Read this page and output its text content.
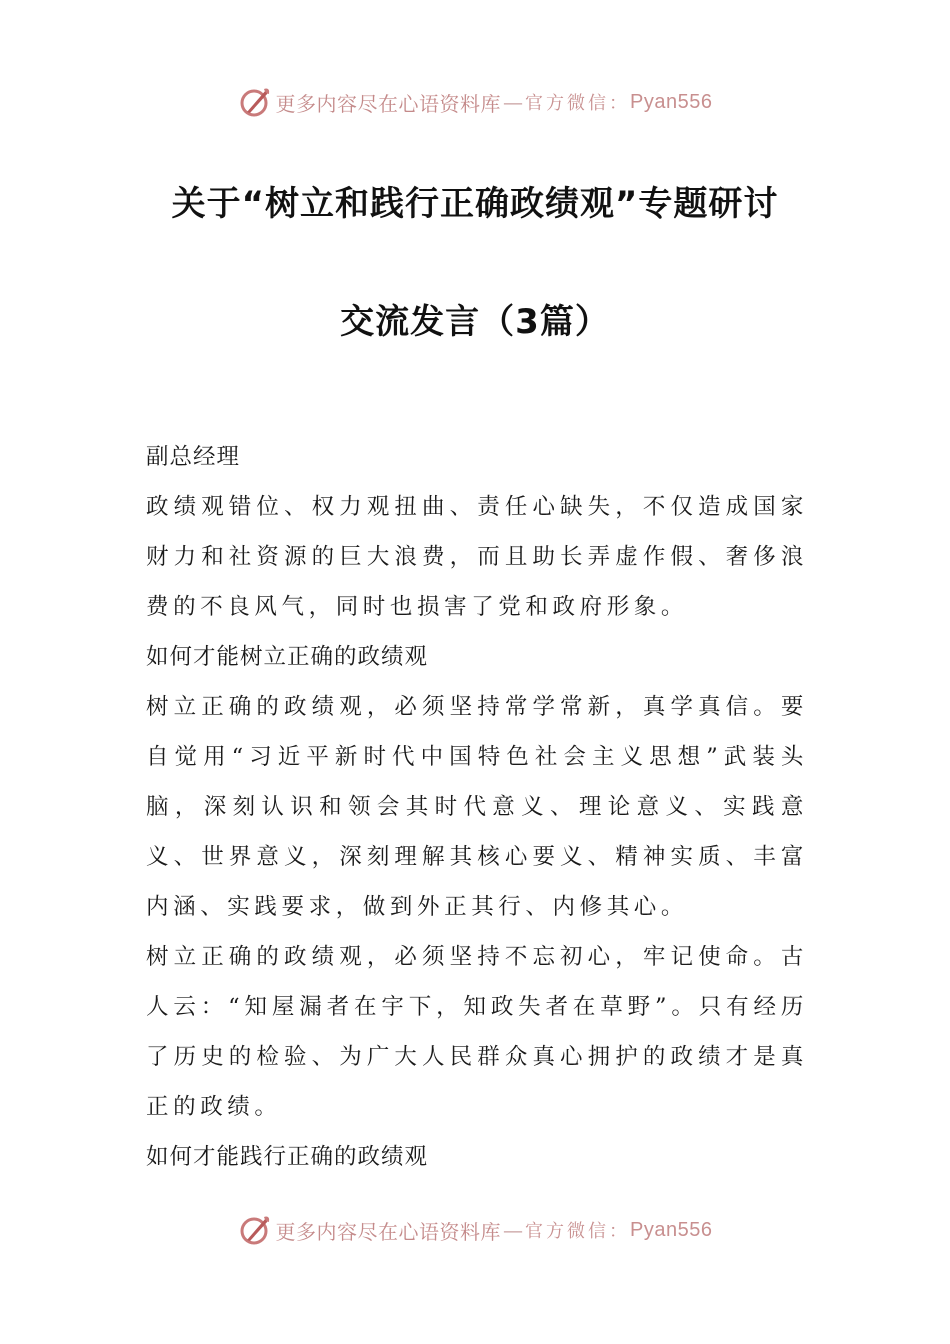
更多内容尽在心语资料库 — 官方微信： Pyan556
关于“树立和践行正确政绩观”专题研讨
交流发言（3篇）

副总经理

政绩观错位、权力观扭曲、责任心缺失，不仅造成国家财力和社资源的巨大浪费，而且助长弄虚作假、奢侈浪费的不良风气，同时也损害了党和政府形象。

如何才能树立正确的政绩观

树立正确的政绩观，必须坚持常学常新，真学真信。要自觉用“习近平新时代中国特色社会主义思想”武装头脑，深刻认识和领会其时代意义、理论意义、实践意义、世界意义，深刻理解其核心要义、精神实质、丰富内涵、实践要求，做到外正其行、内修其心。

树立正确的政绩观，必须坚持不忘初心，牢记使命。古人云：“知屋漏者在宇下，知政失者在草野”。只有经历了历史的检验、为广大人民群众真心拥护的政绩才是真正的政绩。

如何才能践行正确的政绩观

更多内容尽在心语资料库 — 官方微信： Pyan556
